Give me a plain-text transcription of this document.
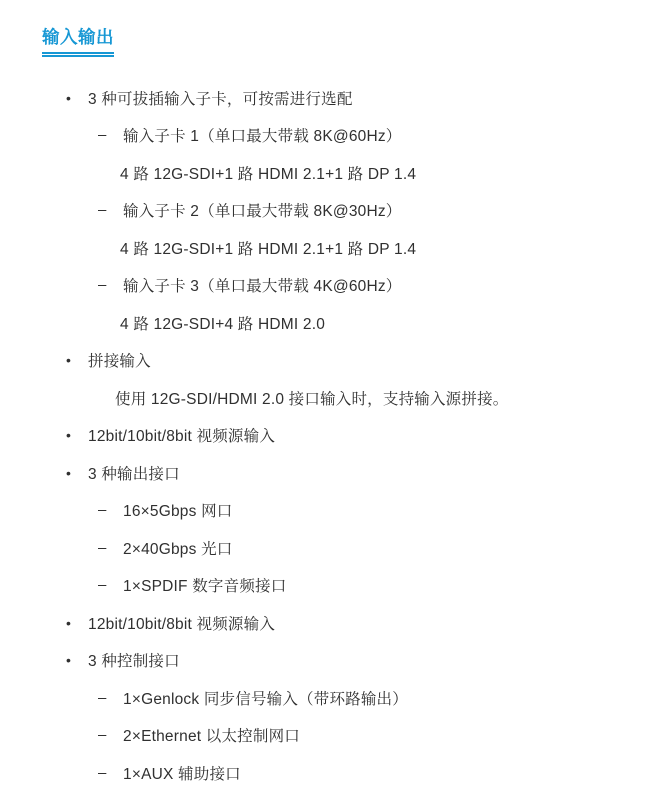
输入输出
• 3 种可拔插输入子卡，可按需进行选配
– 输入子卡 1（单口最大带载 8K@60Hz）
4 路 12G-SDI+1 路 HDMI 2.1+1 路 DP 1.4
– 输入子卡 2（单口最大带载 8K@30Hz）
4 路 12G-SDI+1 路 HDMI 2.1+1 路 DP 1.4
– 输入子卡 3（单口最大带载 4K@60Hz）
4 路 12G-SDI+4 路 HDMI 2.0
• 拼接输入
使用 12G-SDI/HDMI 2.0 接口输入时，支持输入源拼接。
• 12bit/10bit/8bit 视频源输入
• 3 种输出接口
– 16×5Gbps 网口
– 2×40Gbps 光口
– 1×SPDIF 数字音频接口
• 12bit/10bit/8bit 视频源输入
• 3 种控制接口
– 1×Genlock 同步信号输入（带环路输出）
– 2×Ethernet 以太控制网口
– 1×AUX 辅助接口
